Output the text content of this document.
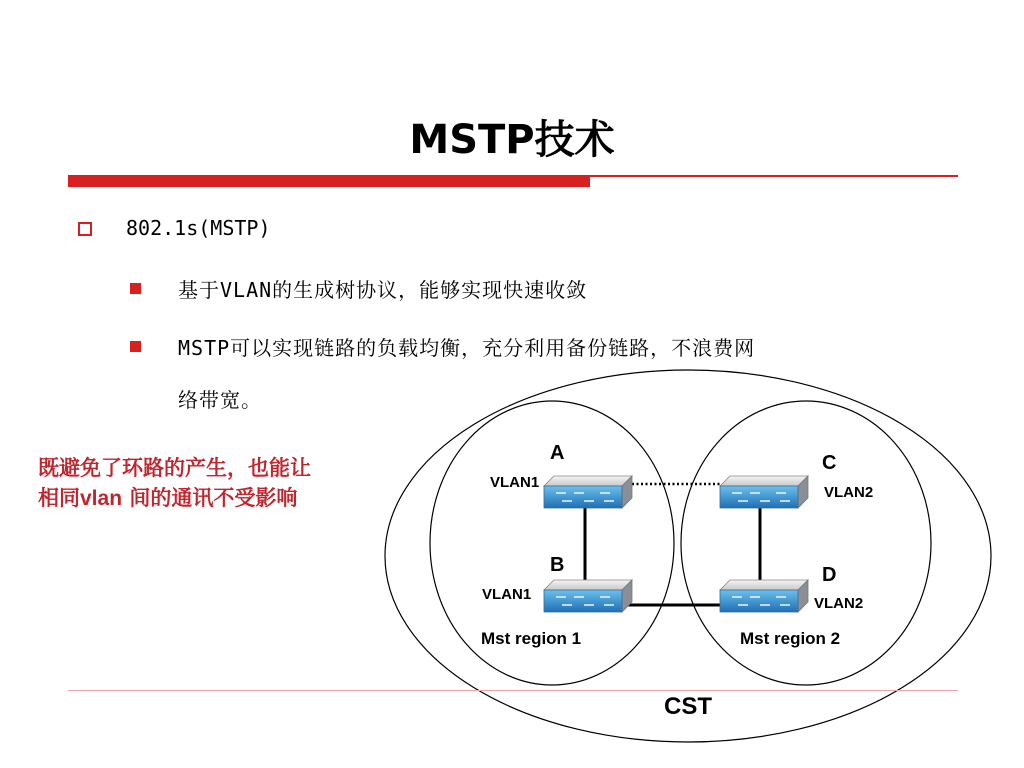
MSTP技术
802.1s(MSTP)
基于VLAN的生成树协议，能够实现快速收敛
MSTP可以实现链路的负载均衡，充分利用备份链路，不浪费网
络带宽。
既避免了环路的产生，也能让
相同vlan 间的通讯不受影响
A	C
B	D
VLAN1
VLAN2
VLAN1
VLAN2
Mst region 1	Mst region 2
CST
